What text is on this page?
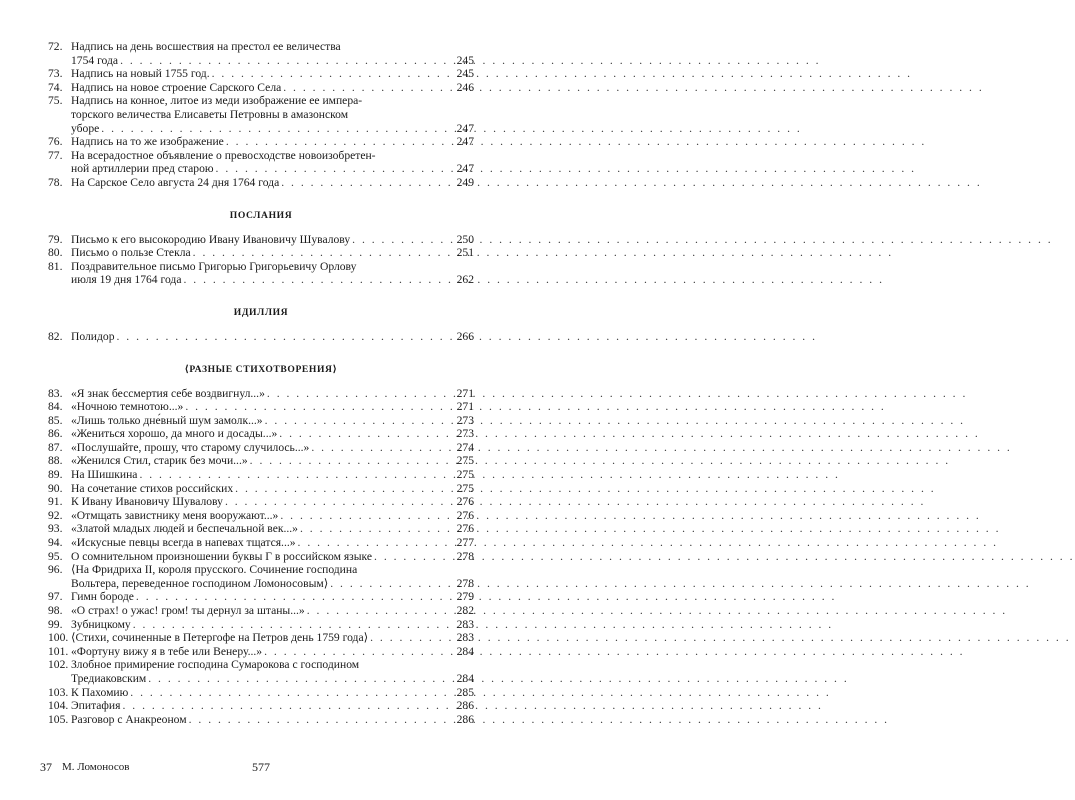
72. Надпись на день восшествия на престол ее величества
1754 года . . .	245
73. Надпись на новый 1755 год. . . .	245
74. Надпись на новое строение Сарского Села . . .	246
75. Надпись на конное, литое из меди изображение ее импера-
торского величества Елисаветы Петровны в амазонском
уборе . . .	247
76. Надпись на то же изображение . . .	247
77. На всерадостное объявление о превосходстве новоизобретен-
ной артиллерии пред старою . . .	247
78. На Сарское Село августа 24 дня 1764 года . . .	249
ПОСЛАНИЯ
79. Письмо к его высокородию Ивану Ивановичу Шувалову . . .	250
80. Письмо о пользе Стекла . . .	251
81. Поздравительное письмо Григорью Григорьевичу Орлову
июля 19 дня 1764 года . . .	262
ИДИЛЛИЯ
82. Полидор . . .	266
⟨РАЗНЫЕ СТИХОТВОРЕНИЯ⟩
83. «Я знак бессмертия себе воздвигнул...» . . .	271
84. «Ночною темнотою...» . . .	271
85. «Лишь только дне́вный шум замолк...» . . .	273
86. «Жениться хорошо, да много и досады...» . . .	273
87. «Послушайте, прошу, что старому случилось...» . . .	274
88. «Женился Стил, старик без мочи...» . . .	275
89. На Шишкина . . .	275
90. На сочетание стихов российских . . .	275
91. К Ивану Ивановичу Шувалову . . .	276
92. «Отмщать завистнику меня вооружают...» . . .	276
93. «Златой младых людей и беспечальной век...» . . .	276
94. «Искусные певцы всегда в напевах тщатся...» . . .	277
95. О сомнительном произношении буквы Г в российском языке . . .	278
96. ⟨На Фридриха II, короля прусского. Сочинение господина
Вольтера, переведенное господином Ломоносовым⟩ . . .	278
97. Гимн бороде . . .	279
98. «О страх! о ужас! гром! ты дернул за штаны...» . . .	282
99. Зубницкому . . .	283
100. ⟨Стихи, сочиненные в Петергофе на Петров день 1759 года⟩ . . .	283
101. «Фортуну вижу я в тебе или Венеру...» . . .	284
102. Злобное примирение господина Сумарокова с господином
Тредиаковским . . .	284
103. К Пахомию . . .	285
104. Эпитафия . . .	286
105. Разговор с Анакреоном . . .	286
37 М. Ломоносов	577
